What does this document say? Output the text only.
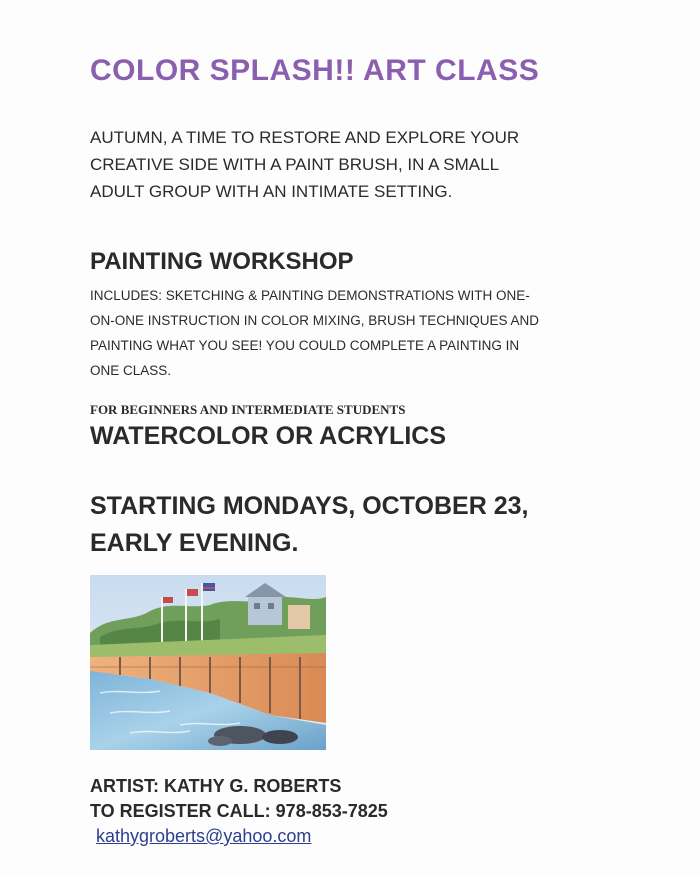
COLOR SPLASH!! ART CLASS
AUTUMN, A TIME TO RESTORE AND EXPLORE YOUR
CREATIVE SIDE WITH A PAINT BRUSH, IN A SMALL
ADULT GROUP WITH AN INTIMATE SETTING.
PAINTING WORKSHOP
INCLUDES: SKETCHING & PAINTING DEMONSTRATIONS WITH ONE-
ON-ONE INSTRUCTION IN COLOR MIXING, BRUSH TECHNIQUES AND
PAINTING WHAT YOU SEE! YOU COULD COMPLETE A PAINTING IN
ONE CLASS.
FOR BEGINNERS AND INTERMEDIATE STUDENTS
WATERCOLOR OR ACRYLICS
STARTING MONDAYS, OCTOBER 23,
EARLY EVENING.
ARTIST: KATHY G. ROBERTS
TO REGISTER CALL: 978-853-7825
kathygroberts@yahoo.com
